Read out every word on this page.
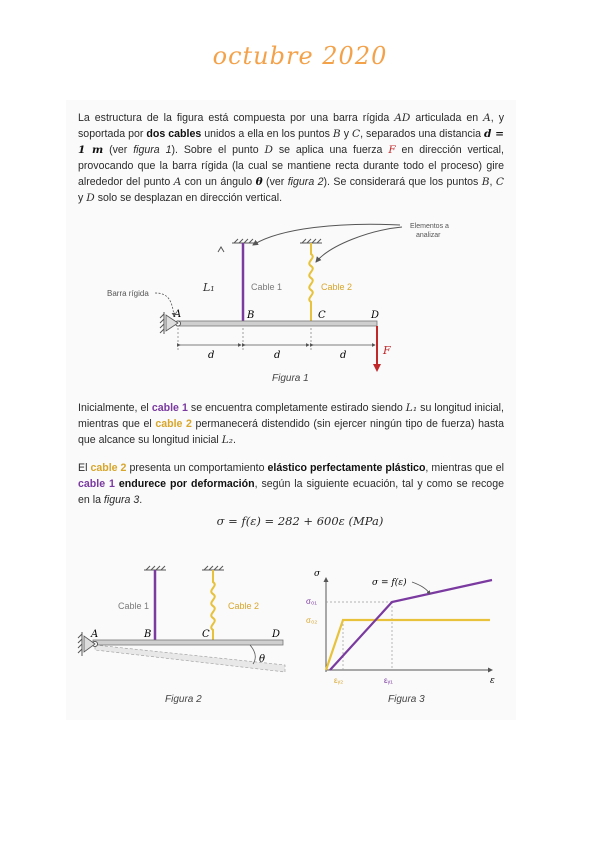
octubre 2020
La estructura de la figura está compuesta por una barra rígida AD articulada en A, y soportada por dos cables unidos a ella en los puntos B y C, separados una distancia d = 1 m (ver figura 1). Sobre el punto D se aplica una fuerza F en dirección vertical, provocando que la barra rígida (la cual se mantiene recta durante todo el proceso) gire alrededor del punto A con un ángulo θ (ver figura 2). Se considerará que los puntos B, C y D solo se desplazan en dirección vertical.
Elementos a
analizar
Barra rígida	L₁	Cable 1	Cable 2
A	B	C	D
d	d	d	F
Cable 1	Cable 2
A	B	C	D
θ
σ
σ = f(ε)
σ₀₁
σ₀₂
εᵧ₂	εᵧ₁	ε
Figura 1
Figura 2	Figura 3
Inicialmente, el cable 1 se encuentra completamente estirado siendo L₁ su longitud inicial, mientras que el cable 2 permanecerá distendido (sin ejercer ningún tipo de fuerza) hasta que alcance su longitud inicial L₂.
El cable 2 presenta un comportamiento elástico perfectamente plástico, mientras que el cable 1 endurece por deformación, según la siguiente ecuación, tal y como se recoge en la figura 3.
σ = f(ε) = 282 + 600ε (MPa)
